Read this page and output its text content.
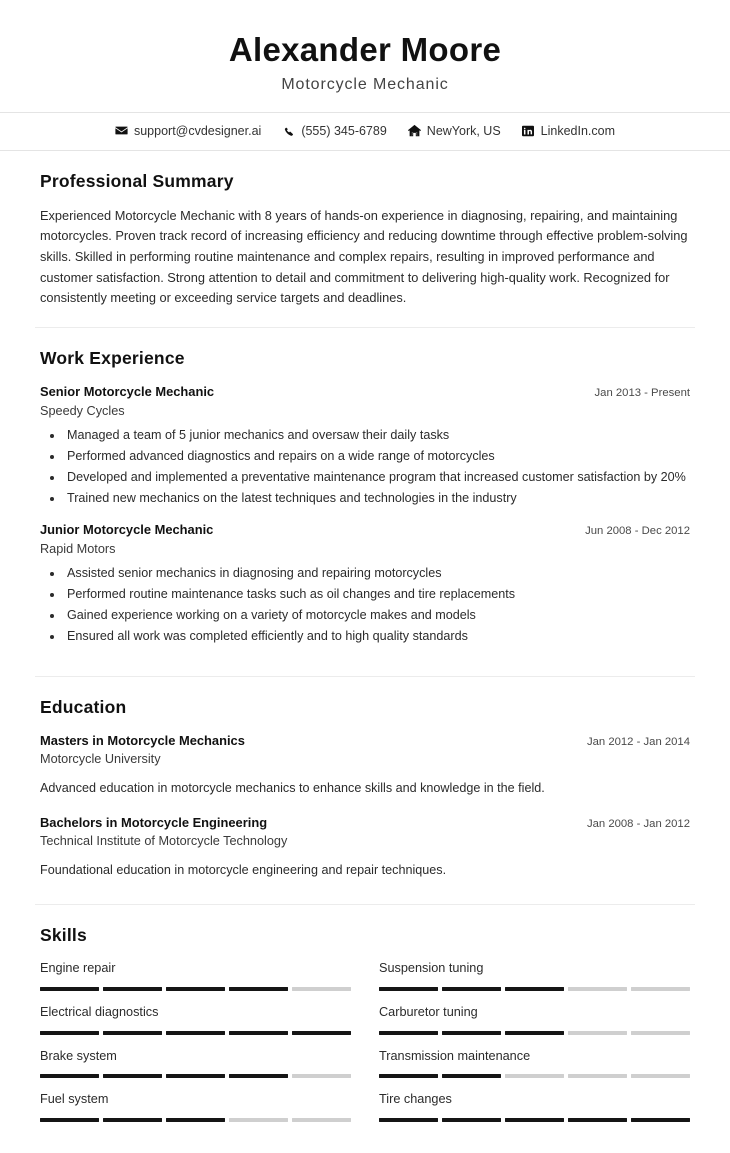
Alexander Moore
Motorcycle Mechanic
support@cvdesigner.ai	(555) 345-6789	NewYork, US	LinkedIn.com
Professional Summary

Experienced Motorcycle Mechanic with 8 years of hands-on experience in diagnosing, repairing, and maintaining motorcycles. Proven track record of increasing efficiency and reducing downtime through effective problem-solving skills. Skilled in performing routine maintenance and complex repairs, resulting in improved performance and customer satisfaction. Strong attention to detail and commitment to delivering high-quality work. Recognized for consistently meeting or exceeding service targets and deadlines.

Work Experience
Senior Motorcycle Mechanic	Jan 2013 - Present
Speedy Cycles
• Managed a team of 5 junior mechanics and oversaw their daily tasks
• Performed advanced diagnostics and repairs on a wide range of motorcycles
• Developed and implemented a preventative maintenance program that increased customer satisfaction by 20%
• Trained new mechanics on the latest techniques and technologies in the industry
Junior Motorcycle Mechanic	Jun 2008 - Dec 2012
Rapid Motors
• Assisted senior mechanics in diagnosing and repairing motorcycles
• Performed routine maintenance tasks such as oil changes and tire replacements
• Gained experience working on a variety of motorcycle makes and models
• Ensured all work was completed efficiently and to high quality standards
Education
Masters in Motorcycle Mechanics	Jan 2012 - Jan 2014
Motorcycle University

Advanced education in motorcycle mechanics to enhance skills and knowledge in the field.

Bachelors in Motorcycle Engineering	Jan 2008 - Jan 2012
Technical Institute of Motorcycle Technology

Foundational education in motorcycle engineering and repair techniques.

Skills
Engine repair	Suspension tuning
Electrical diagnostics	Carburetor tuning
Brake system	Transmission maintenance
Fuel system	Tire changes
